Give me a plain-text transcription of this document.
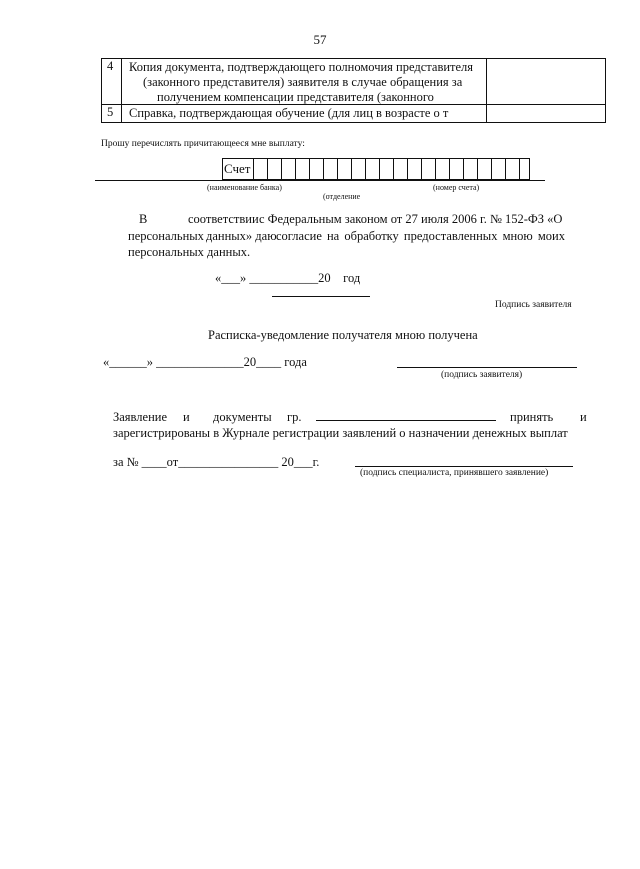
57
4 Копия документа, подтверждающего полномочия представителя
(законного представителя) заявителя в случае обращения за
получением компенсации представителя (законного
5 Справка, подтверждающая обучение (для лиц в возрасте о т
Прошу перечислять причитающееся мне выплату:
Счет
(наименование банка)
(отделение
(номер счета)
В	соответствии с Федеральным законом от 27 июля 2006 г. № 152-ФЗ «О
персональных данных» даю согласие на обработку предоставленных мною моих
персональных данных.
«___» ___________20    год
Подпись заявителя
Расписка-уведомление получателя мною получена
«______» ______________20____ года
(подпись заявителя)
Заявление и документы гр.	принять и
зарегистрированы в Журнале регистрации заявлений о назначении денежных выплат
за № ____от________________ 20___г.
(подпись специалиста, принявшего заявление)
